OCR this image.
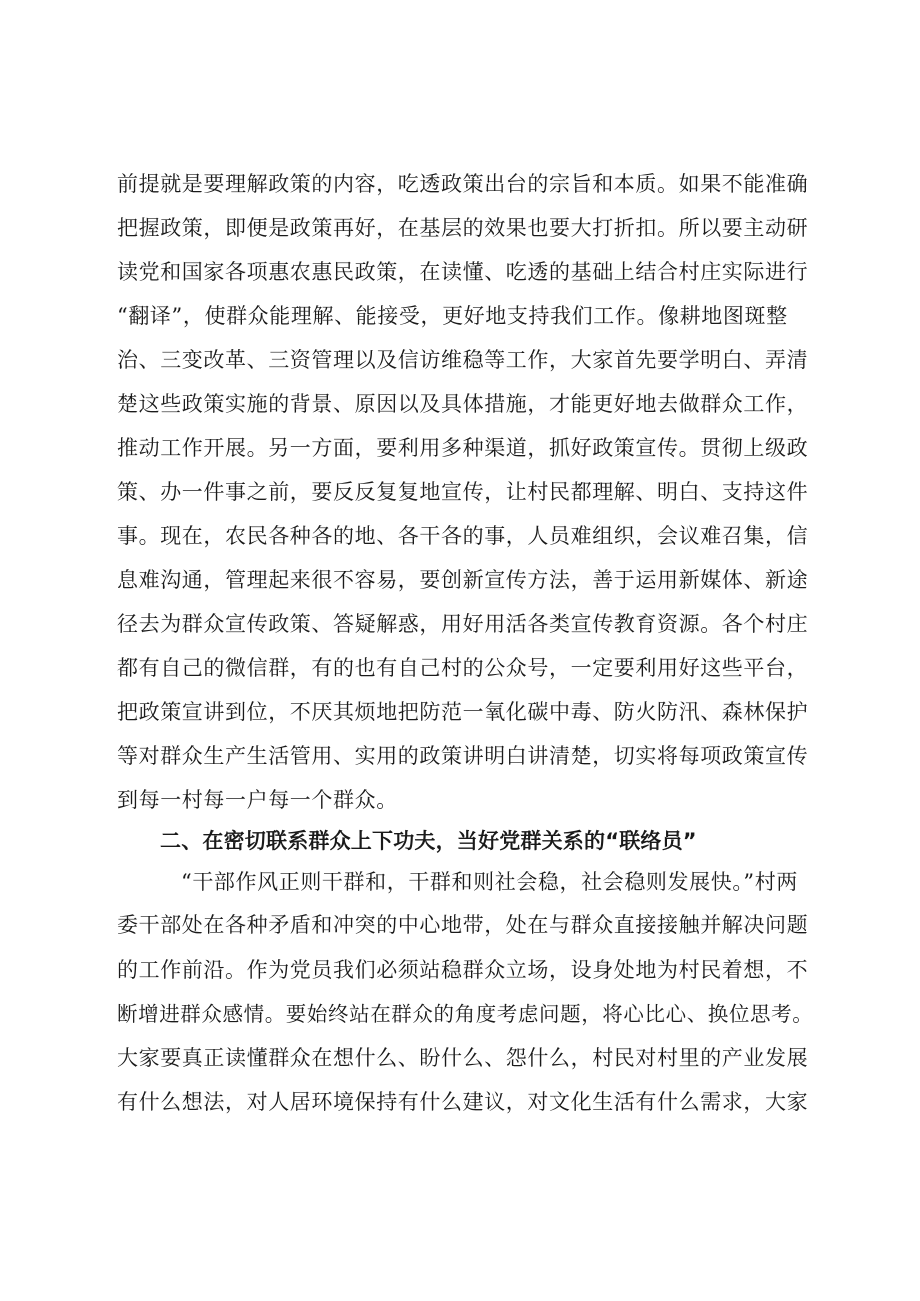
前提就是要理解政策的内容，吃透政策出台的宗旨和本质。如果不能准确
把握政策，即便是政策再好，在基层的效果也要大打折扣。所以要主动研
读党和国家各项惠农惠民政策，在读懂、吃透的基础上结合村庄实际进行
“翻译”，使群众能理解、能接受，更好地支持我们工作。像耕地图斑整
治、三变改革、三资管理以及信访维稳等工作，大家首先要学明白、弄清
楚这些政策实施的背景、原因以及具体措施，才能更好地去做群众工作，
推动工作开展。另一方面，要利用多种渠道，抓好政策宣传。贯彻上级政
策、办一件事之前，要反反复复地宣传，让村民都理解、明白、支持这件
事。现在，农民各种各的地、各干各的事，人员难组织，会议难召集，信
息难沟通，管理起来很不容易，要创新宣传方法，善于运用新媒体、新途
径去为群众宣传政策、答疑解惑，用好用活各类宣传教育资源。各个村庄
都有自己的微信群，有的也有自己村的公众号，一定要利用好这些平台，
把政策宣讲到位，不厌其烦地把防范一氧化碳中毒、防火防汛、森林保护
等对群众生产生活管用、实用的政策讲明白讲清楚，切实将每项政策宣传
到每一村每一户每一个群众。
二、在密切联系群众上下功夫，当好党群关系的“联络员”
“干部作风正则干群和，干群和则社会稳，社会稳则发展快。”村两
委干部处在各种矛盾和冲突的中心地带，处在与群众直接接触并解决问题
的工作前沿。作为党员我们必须站稳群众立场，设身处地为村民着想，不
断增进群众感情。要始终站在群众的角度考虑问题，将心比心、换位思考。
大家要真正读懂群众在想什么、盼什么、怨什么，村民对村里的产业发展
有什么想法，对人居环境保持有什么建议，对文化生活有什么需求，大家
